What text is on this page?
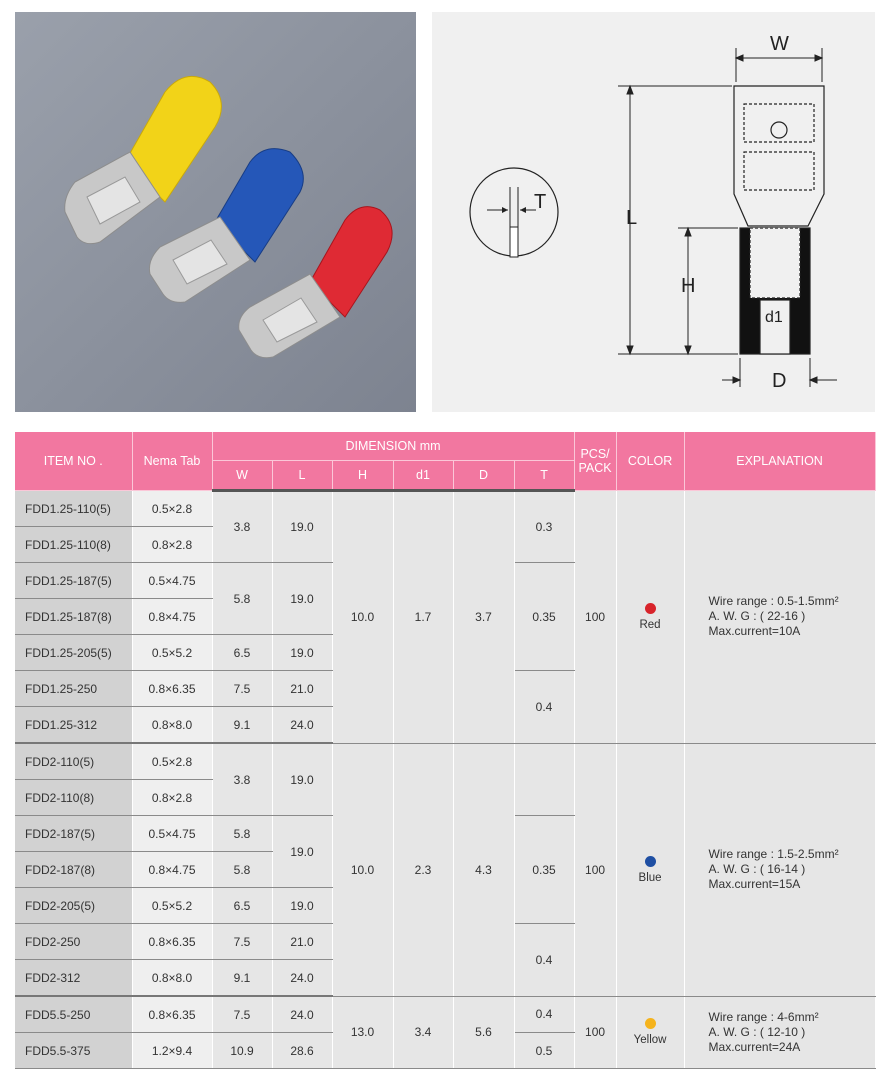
T
W
L
H
d1
D
ITEM NO .	Nema Tab	DIMENSION mm						PCS/ PACK	COLOR	EXPLANATION
		W	L	H	d1	D	T			
FDD1.25-110(5)	0.5×2.8	3.8	19.0	10.0	1.7	3.7	0.3	100	Red	Wire range : 0.5-1.5mm²
A. W. G : ( 22-16 )
Max.current=10A

FDD1.25-110(8)	0.8×2.8									
FDD1.25-187(5)	0.5×4.75	5.8	19.0				0.35			
FDD1.25-187(8)	0.8×4.75									
FDD1.25-205(5)	0.5×5.2	6.5	19.0							
FDD1.25-250	0.8×6.35	7.5	21.0				0.4			
FDD1.25-312	0.8×8.0	9.1	24.0							
FDD2-110(5)	0.5×2.8	3.8	19.0	10.0	2.3	4.3		100	Blue	Wire range : 1.5-2.5mm²
A. W. G : ( 16-14 )
Max.current=15A

FDD2-110(8)	0.8×2.8									
FDD2-187(5)	0.5×4.75	5.8	19.0				0.35			
FDD2-187(8)	0.8×4.75	5.8								
FDD2-205(5)	0.5×5.2	6.5	19.0							
FDD2-250	0.8×6.35	7.5	21.0				0.4			
FDD2-312	0.8×8.0	9.1	24.0							
FDD5.5-250	0.8×6.35	7.5	24.0	13.0	3.4	5.6	0.4	100	Yellow	Wire range : 4-6mm²
A. W. G : ( 12-10 )
Max.current=24A

FDD5.5-375	1.2×9.4	10.9	28.6				0.5			
